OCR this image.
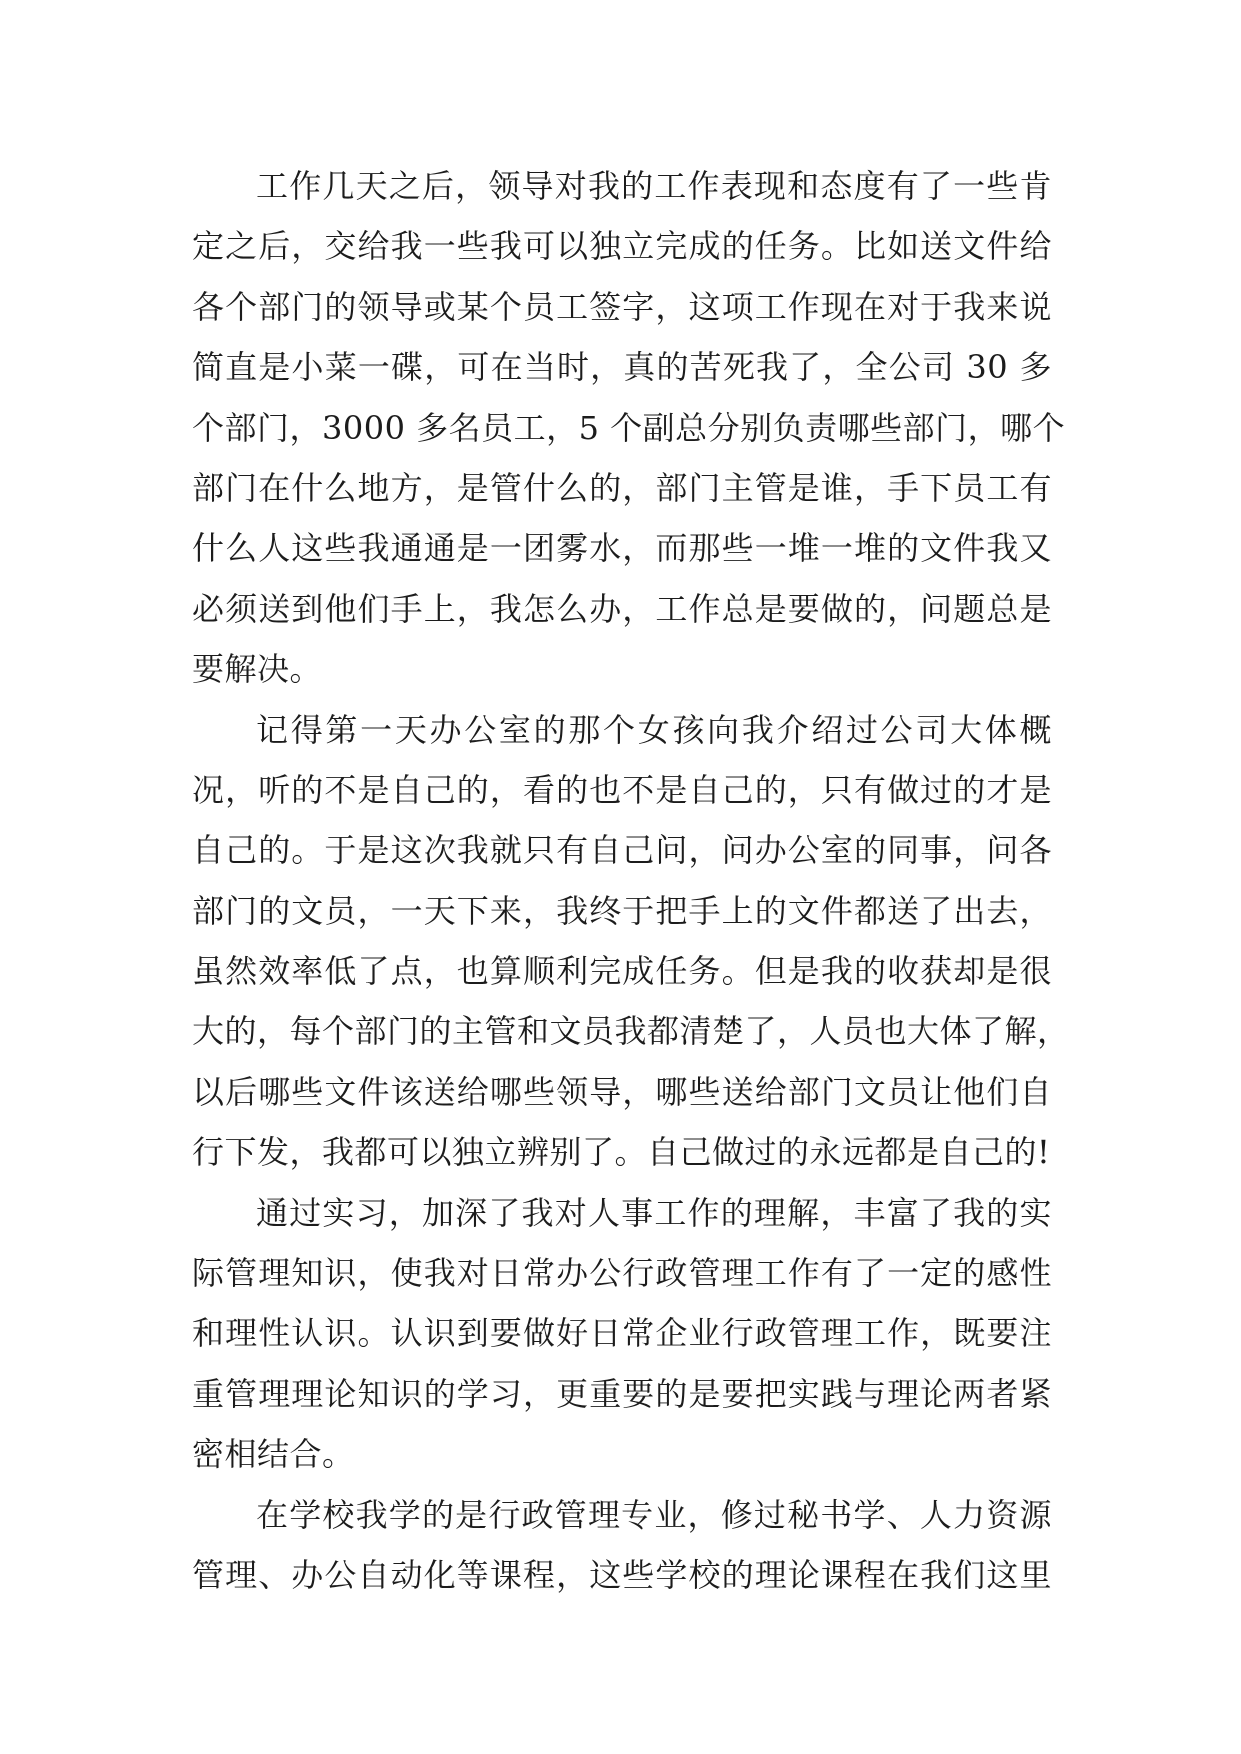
工作几天之后，领导对我的工作表现和态度有了一些肯
定之后，交给我一些我可以独立完成的任务。比如送文件给
各个部门的领导或某个员工签字，这项工作现在对于我来说
简直是小菜一碟，可在当时，真的苦死我了，全公司 30 多
个部门，3000 多名员工，5 个副总分别负责哪些部门，哪个
部门在什么地方，是管什么的，部门主管是谁，手下员工有
什么人这些我通通是一团雾水，而那些一堆一堆的文件我又
必须送到他们手上，我怎么办，工作总是要做的，问题总是
要解决。
记得第一天办公室的那个女孩向我介绍过公司大体概
况，听的不是自己的，看的也不是自己的，只有做过的才是
自己的。于是这次我就只有自己问，问办公室的同事，问各
部门的文员，一天下来，我终于把手上的文件都送了出去，
虽然效率低了点，也算顺利完成任务。但是我的收获却是很
大的，每个部门的主管和文员我都清楚了，人员也大体了解，
以后哪些文件该送给哪些领导，哪些送给部门文员让他们自
行下发，我都可以独立辨别了。自己做过的永远都是自己的!
通过实习，加深了我对人事工作的理解，丰富了我的实
际管理知识，使我对日常办公行政管理工作有了一定的感性
和理性认识。认识到要做好日常企业行政管理工作，既要注
重管理理论知识的学习，更重要的是要把实践与理论两者紧
密相结合。
在学校我学的是行政管理专业，修过秘书学、人力资源
管理、办公自动化等课程，这些学校的理论课程在我们这里
